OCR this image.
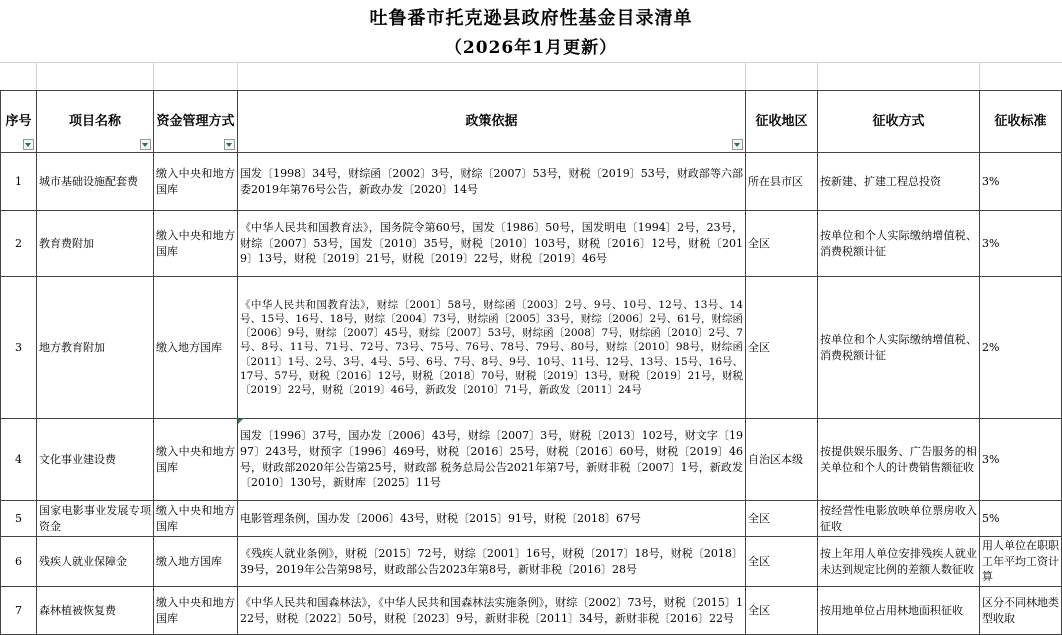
吐鲁番市托克逊县政府性基金目录清单
（2026年1月更新）
序号	项目名称	资金管理方式	政策依据	征收地区	征收方式	征收标准
1	城市基础设施配套费	缴入中央和地方国库	国发〔1998〕34号，财综函〔2002〕3号，财综〔2007〕53号，财税〔2019〕53号，财政部等六部委2019年第76号公告，新政办发〔2020〕14号	所在县市区	按新建、扩建工程总投资	3%
2	教育费附加	缴入中央和地方国库	《中华人民共和国教育法》，国务院令第60号，国发〔1986〕50号，国发明电〔1994〕2号，23号，财综〔2007〕53号，国发〔2010〕35号，财税〔2010〕103号，财税〔2016〕12号，财税〔2019〕13号，财税〔2019〕21号，财税〔2019〕22号，财税〔2019〕46号	全区	按单位和个人实际缴纳增值税、消费税额计征	3%
3	地方教育附加	缴入地方国库	《中华人民共和国教育法》，财综〔2001〕58号，财综函〔2003〕2号、9号、10号、12号、13号、14号、15号、16号、18号，财综〔2004〕73号，财综函〔2005〕33号，财综〔2006〕2号、61号，财综函〔2006〕9号，财综〔2007〕45号，财综〔2007〕53号，财综函〔2008〕7号，财综函〔2010〕2号、7号、8号、11号、71号、72号、73号、75号、76号、78号、79号、80号，财综〔2010〕98号，财综函〔2011〕1号、2号、3号、4号、5号、6号、7号、8号、9号、10号、11号、12号、13号、15号、16号、17号、57号，财税〔2016〕12号，财税〔2018〕70号，财税〔2019〕13号，财税〔2019〕21号，财税〔2019〕22号，财税〔2019〕46号，新政发〔2010〕71号，新政发〔2011〕24号	全区	按单位和个人实际缴纳增值税、消费税额计征	2%
4	文化事业建设费	缴入中央和地方国库	国发〔1996〕37号，国办发〔2006〕43号，财综〔2007〕3号，财税〔2013〕102号，财文字〔1997〕243号，财预字〔1996〕469号，财税〔2016〕25号，财税〔2016〕60号，财税〔2019〕46号，财政部2020年公告第25号，财政部 税务总局公告2021年第7号，新财非税〔2007〕1号，新政发〔2010〕130号，新财库〔2025〕11号	自治区本级	按提供娱乐服务、广告服务的相关单位和个人的计费销售额征收	3%
5	国家电影事业发展专项资金	缴入中央和地方国库	电影管理条例，国办发〔2006〕43号，财税〔2015〕91号，财税〔2018〕67号	全区	按经营性电影放映单位票房收入征收	5%
6	残疾人就业保障金	缴入地方国库	《残疾人就业条例》，财税〔2015〕72号，财综〔2001〕16号，财税〔2017〕18号，财税〔2018〕39号，2019年公告第98号，财政部公告2023年第8号，新财非税〔2016〕28号	全区	按上年用人单位安排残疾人就业未达到规定比例的差额人数征收	用人单位在职职工年平均工资计算
7	森林植被恢复费	缴入中央和地方国库	《中华人民共和国森林法》，《中华人民共和国森林法实施条例》，财综〔2002〕73号，财税〔2015〕122号，财税〔2022〕50号，财税〔2023〕9号，新财非税〔2011〕34号，新财非税〔2016〕22号	全区	按用地单位占用林地面积征收	区分不同林地类型收取
